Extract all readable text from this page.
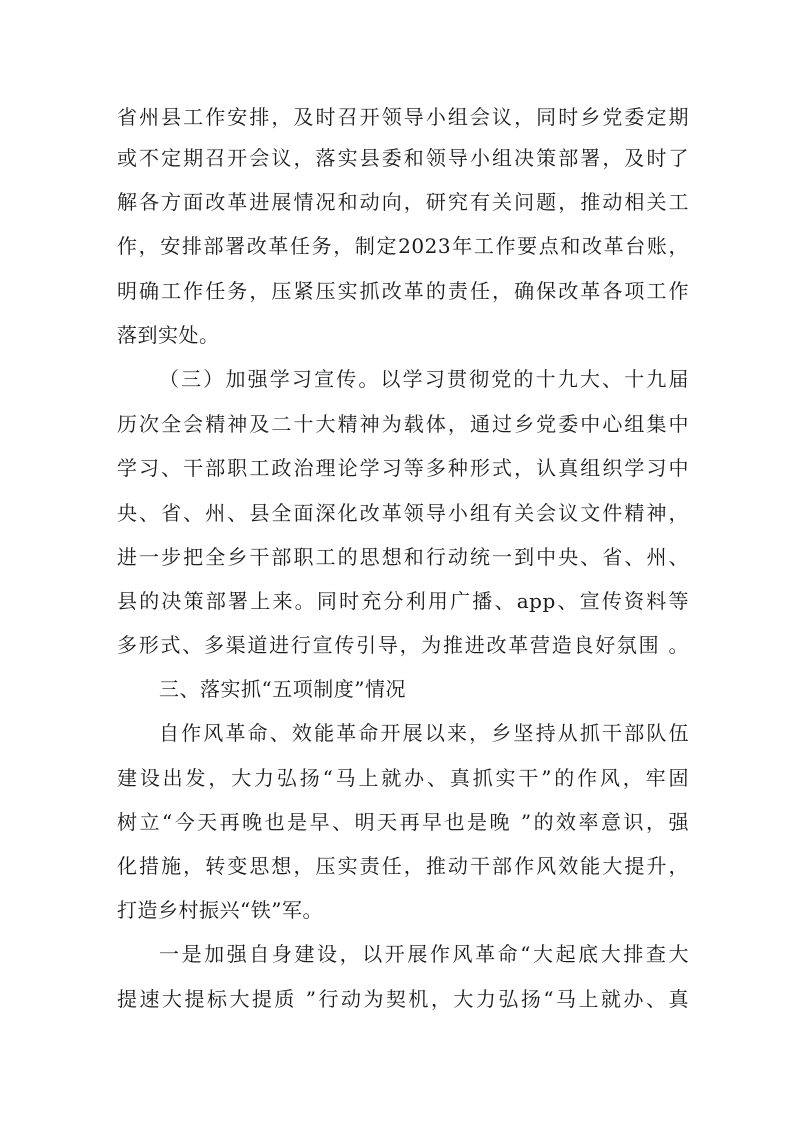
省州县工作安排，及时召开领导小组会议，同时乡党委定期
或不定期召开会议，落实县委和领导小组决策部署，及时了
解各方面改革进展情况和动向，研究有关问题，推动相关工
作，安排部署改革任务，制定2023年工作要点和改革台账，
明确工作任务，压紧压实抓改革的责任，确保改革各项工作
落到实处。
（三）加强学习宣传。以学习贯彻党的十九大、十九届
历次全会精神及二十大精神为载体，通过乡党委中心组集中
学习、干部职工政治理论学习等多种形式，认真组织学习中
央、省、州、县全面深化改革领导小组有关会议文件精神，
进一步把全乡干部职工的思想和行动统一到中央、省、州、
县的决策部署上来。同时充分利用广播、app、宣传资料等
多形式、多渠道进行宣传引导，为推进改革营造良好氛围 。
三、落实抓“五项制度”情况
自作风革命、效能革命开展以来，乡坚持从抓干部队伍
建设出发，大力弘扬“马上就办、真抓实干”的作风，牢固
树立“今天再晚也是早、明天再早也是晚 ”的效率意识，强
化措施，转变思想，压实责任，推动干部作风效能大提升，
打造乡村振兴“铁”军。
一是加强自身建设，以开展作风革命“大起底大排查大
提速大提标大提质 ”行动为契机，大力弘扬“马上就办、真
